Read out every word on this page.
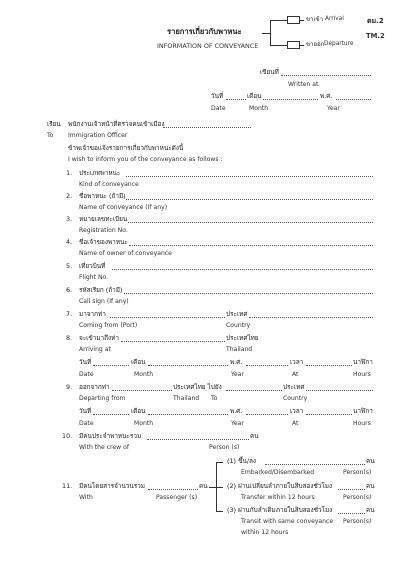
รายการเกี่ยวกับพาหนะ
INFORMATION OF CONVEYANCE
ขาเข้า Arrival
ขาออก Departure
ตม.2
TM.2
เขียนที่
Written at
วันที่	เดือน	พ.ศ.
Date	Month	Year
เรียน พนักงานเจ้าหน้าที่ตรวจคนเข้าเมือง
To Immigration Officer
ข้าพเจ้าขอแจ้งรายการเกี่ยวกับพาหนะดังนี้
I wish to inform you of the conveyance as follows :
1. ประเภทพาหนะ
Kind of conveyance
2. ชื่อพาหนะ (ถ้ามี)
Name of conveyance (If any)
3. หมายเลขทะเบียน
Registration No.
4. ชื่อเจ้าของพาหนะ
Name of owner of conveyance
5. เที่ยวบินที่
Flight No.
6. รหัสเรียก (ถ้ามี)
Call sign (If any)
7. มาจากท่า	ประเทศ
Coming from (Port)	Country
8. จะเข้ามาถึงท่า	ประเทศไทย
Arriving at	Thailand
วันที่	เดือน	พ.ศ.	เวลา	นาฬิกา
Date	Month	Year	At	Hours
9. ออกจากท่า	ประเทศไทย ไปยัง	ประเทศ
Departing from	Thailand To	Country
วันที่	เดือน	พ.ศ.	เวลา	นาฬิกา
Date	Month	Year	At	Hours
10. มีคนประจำพาหนะรวม	คน
With the crew of	Person (s)
11. มีคนโดยสารจำนวนรวม	คน
With	Passenger (s)
(1) ขึ้น/ลง	คน
Embarked/Disembarked	Person(s)
(2) ผ่านเปลี่ยนลำภายในสิบสองชั่วโมง	คน
Transfer within 12 hours	Person(s)
(3) ผ่านกับลำเดิมภายในสิบสองชั่วโมง	คน
Transit with same conveyance Person(s)
within 12 hours
